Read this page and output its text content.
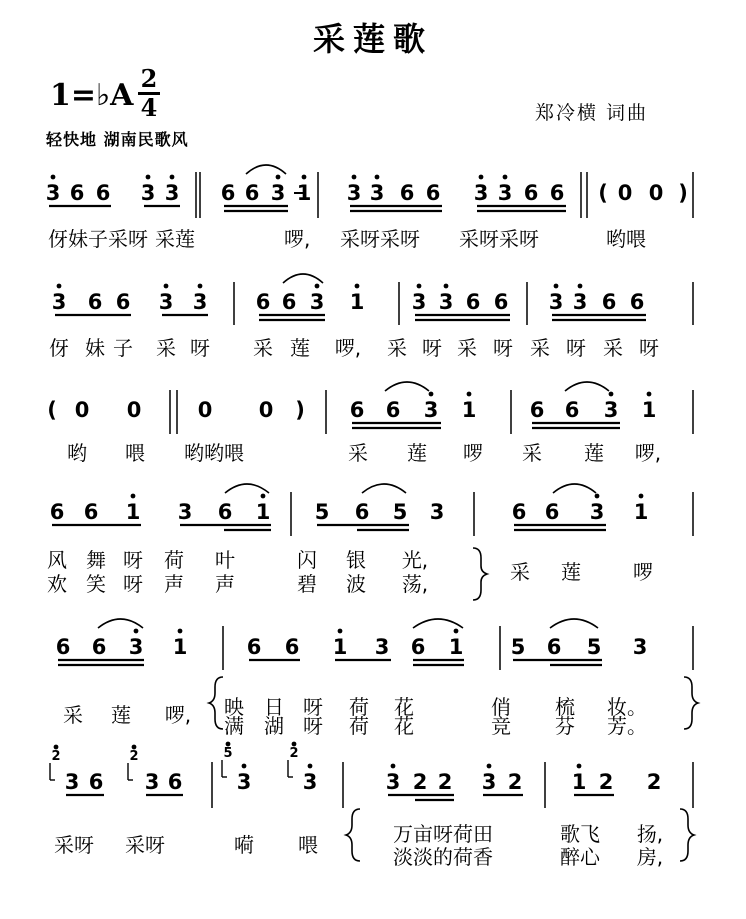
采莲歌
1=♭A 2
4	郑冷横 词曲
轻快地 湖南民歌风
3 6 6 3 3 6 6 3 1 3 3 6 6 3 3 6 6 ( 0 0 )
伢妹子采呀 采莲	啰, 采呀采呀 采呀采呀	哟喂
3 6 6 3 3 6 6 3 1 3 3 6 6 3 3 6 6
伢 妹 子 采 呀 采 莲 啰, 采 呀 采 呀 采 呀 采 呀
( 0 0	0 0 ) 6 6 3 1	6 6 3 1
哟 喂 哟哟喂	采 莲 啰 采 莲 啰,
6 6 1 3 6 1 5 6 5 3	6 6 3 1
风 舞 呀 荷 叶	闪 银 光,
欢 笑 呀 声 声	碧 波 荡,	采 莲	啰
6 6 3 1	6 6 1 3 6 1 5 6 5 3
采 莲 啰, 映 日 呀 荷 花	俏 梳 妆。
满 湖 呀 荷 花	竞 芬 芳。
3 6 3 6	3 3	3 2 2 3 2 1 2 2
2	2	5	2
采呀 采呀	嗬 喂	万亩呀荷田	歌飞 扬,
淡淡的荷香	醉心 房,
